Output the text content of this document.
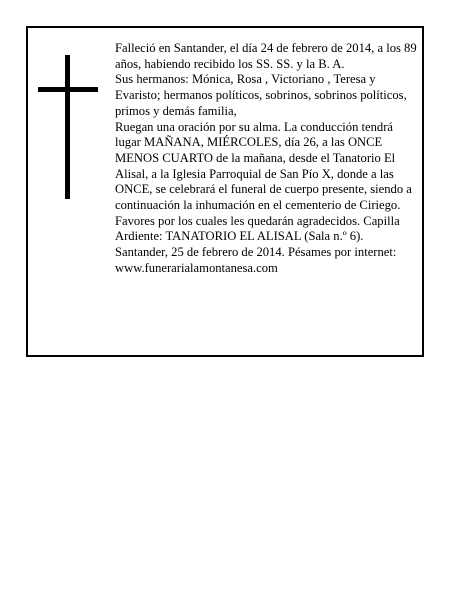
Falleció en Santander, el día 24 de febrero de 2014, a los 89 años, habiendo recibido los SS. SS. y la B. A.

Sus hermanos: Mónica, Rosa , Victoriano , Teresa y Evaristo; hermanos políticos, sobrinos, sobrinos políticos, primos y demás familia,

Ruegan una oración por su alma. La conducción tendrá lugar MAÑANA, MIÉRCOLES, día 26, a las ONCE MENOS CUARTO de la mañana, desde el Tanatorio El Alisal, a la Iglesia Parroquial de San Pío X, donde a las ONCE, se celebrará el funeral de cuerpo presente, siendo a continuación la inhumación en el cementerio de Ciriego. Favores por los cuales les quedarán agradecidos. Capilla Ardiente: TANATORIO EL ALISAL (Sala n.º 6).

Santander, 25 de febrero de 2014. Pésames por internet: www.funerarialamontanesa.com
